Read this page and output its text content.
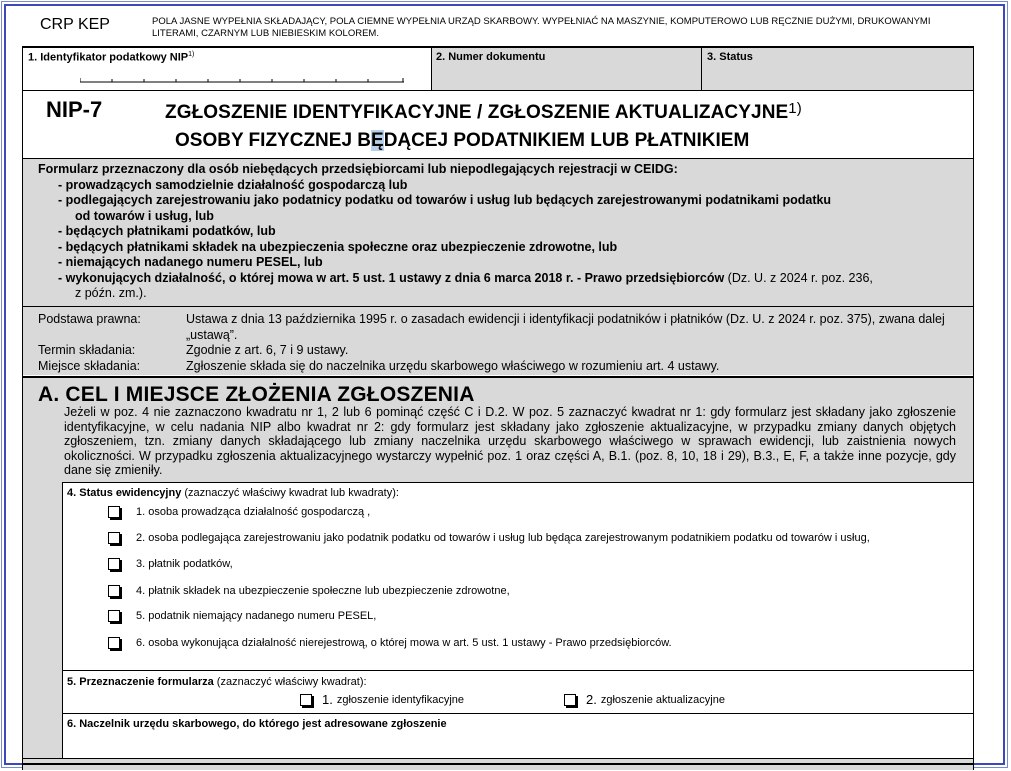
CRP KEP	POLA JASNE WYPEŁNIA SKŁADAJĄCY, POLA CIEMNE WYPEŁNIA URZĄD SKARBOWY. WYPEŁNIAĆ NA MASZYNIE, KOMPUTEROWO LUB RĘCZNIE DUŻYMI, DRUKOWANYMI LITERAMI, CZARNYM LUB NIEBIESKIM KOLOREM.
1. Identyfikator podatkowy NIP$^{1)}$	2. Numer dokumentu	3. Status
NIP-7	ZGŁOSZENIE IDENTYFIKACYJNE / ZGŁOSZENIE AKTUALIZACYJNE$^{1)}$
OSOBY FIZYCZNEJ BĘDĄCEJ PODATNIKIEM LUB PŁATNIKIEM
Formularz przeznaczony dla osób niebędących przedsiębiorcami lub niepodlegających rejestracji w CEIDG:
- prowadzących samodzielnie działalność gospodarczą lub
- podlegających zarejestrowaniu jako podatnicy podatku od towarów i usług lub będących zarejestrowanymi podatnikami podatku
od towarów i usług, lub
- będących płatnikami podatków, lub
- będących płatnikami składek na ubezpieczenia społeczne oraz ubezpieczenie zdrowotne, lub
- niemających nadanego numeru PESEL, lub
- wykonujących działalność, o której mowa w art. 5 ust. 1 ustawy z dnia 6 marca 2018 r. - Prawo przedsiębiorców (Dz. U. z 2024 r. poz. 236,
z późn. zm.).
Podstawa prawna:	Ustawa z dnia 13 października 1995 r. o zasadach ewidencji i identyfikacji podatników i płatników (Dz. U. z 2024 r. poz. 375), zwana dalej „ustawą”.
Termin składania:	Zgodnie z art. 6, 7 i 9 ustawy.
Miejsce składania:	Zgłoszenie składa się do naczelnika urzędu skarbowego właściwego w rozumieniu art. 4 ustawy.
A. CEL I MIEJSCE ZŁOŻENIA ZGŁOSZENIA
Jeżeli w poz. 4 nie zaznaczono kwadratu nr 1, 2 lub 6 pominąć część C i D.2. W poz. 5 zaznaczyć kwadrat nr 1: gdy formularz jest składany jako zgłoszenie identyfikacyjne, w celu nadania NIP albo kwadrat nr 2: gdy formularz jest składany jako zgłoszenie aktualizacyjne, w przypadku zmiany danych objętych zgłoszeniem, tzn. zmiany danych składającego lub zmiany naczelnika urzędu skarbowego właściwego w sprawach ewidencji, lub zaistnienia nowych okoliczności. W przypadku zgłoszenia aktualizacyjnego wystarczy wypełnić poz. 1 oraz części A, B.1. (poz. 8, 10, 18 i 29), B.3., E, F, a także inne pozycje, gdy dane się zmieniły.
4. Status ewidencyjny (zaznaczyć właściwy kwadrat lub kwadraty):
1. osoba prowadząca działalność gospodarczą ,
2. osoba podlegająca zarejestrowaniu jako podatnik podatku od towarów i usług lub będąca zarejestrowanym podatnikiem podatku od towarów i usług,
3. płatnik podatków,
4. płatnik składek na ubezpieczenie społeczne lub ubezpieczenie zdrowotne,
5. podatnik niemający nadanego numeru PESEL,
6. osoba wykonująca działalność nierejestrową, o której mowa w art. 5 ust. 1 ustawy - Prawo przedsiębiorców.
5. Przeznaczenie formularza (zaznaczyć właściwy kwadrat):
1. zgłoszenie identyfikacyjne	2. zgłoszenie aktualizacyjne
6. Naczelnik urzędu skarbowego, do którego jest adresowane zgłoszenie
